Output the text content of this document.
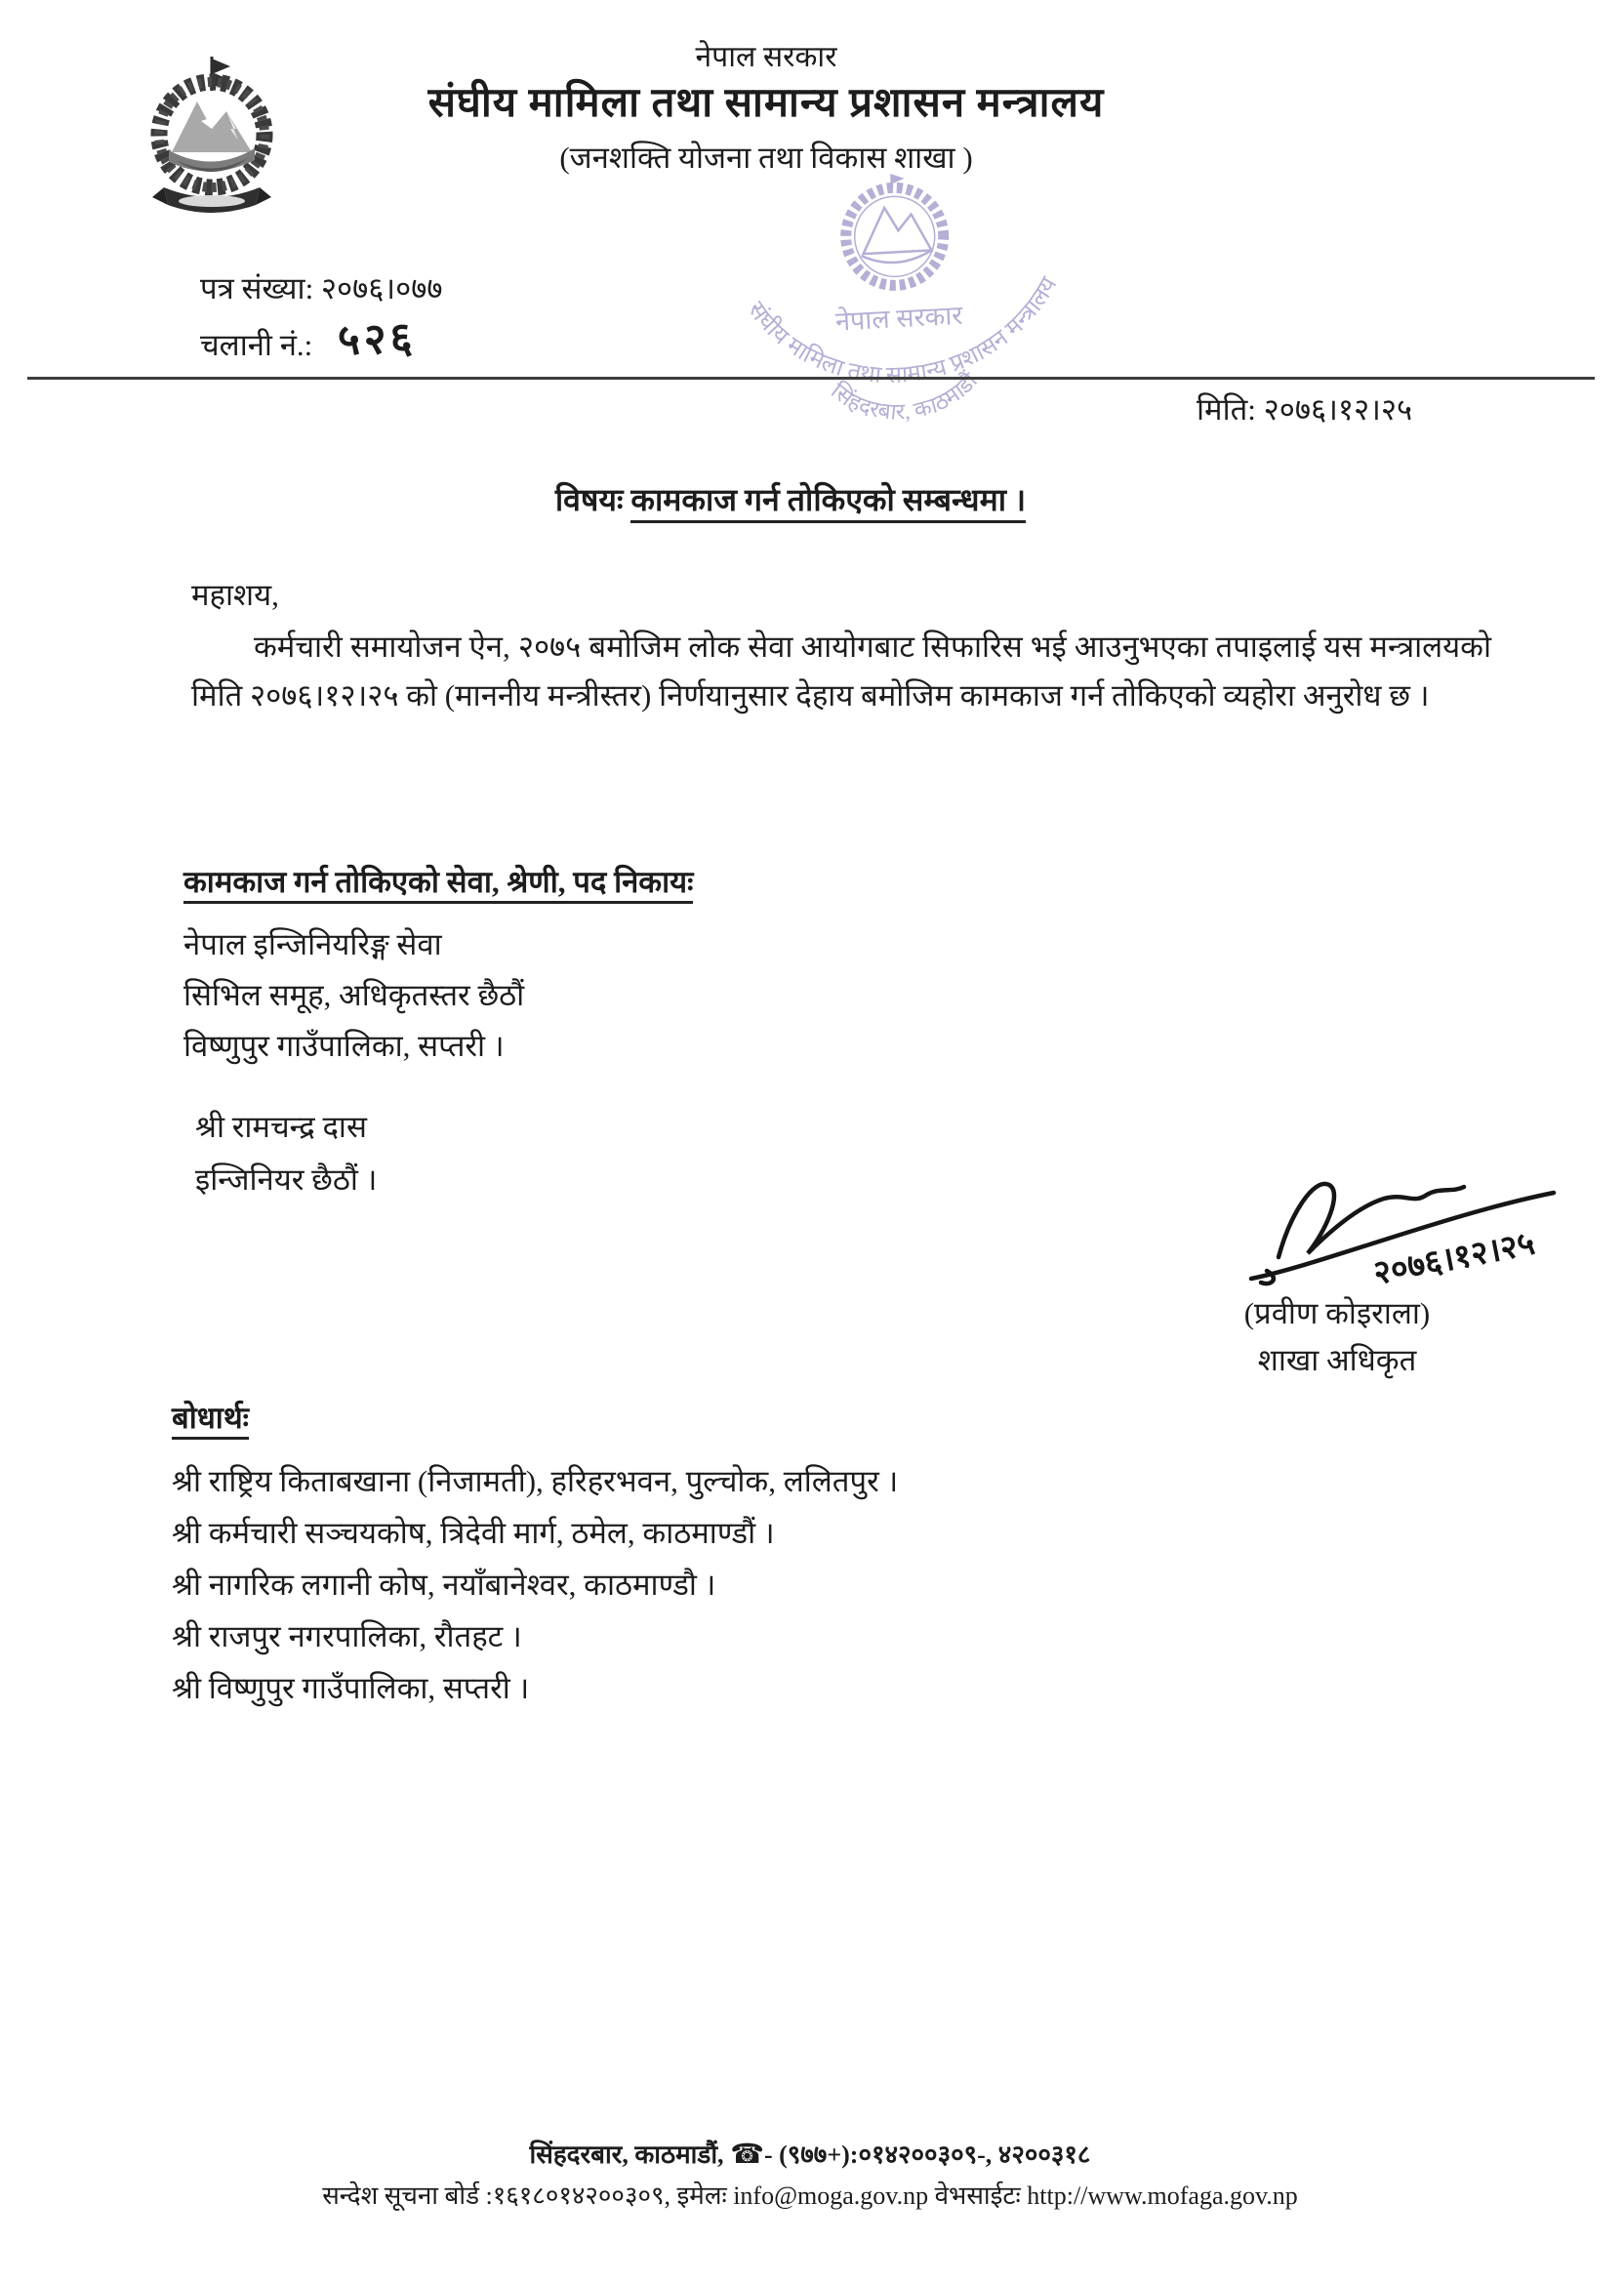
नेपाल सरकार
संघीय मामिला तथा सामान्य प्रशासन मन्त्रालय
(जनशक्ति योजना तथा विकास शाखा )
नेपाल सरकार
संघीय मामिला तथा सामान्य प्रशासन मन्त्रालय
सिंहदरबार, काठमाडौं
पत्र संख्या: २०७६।०७७
चलानी नं.: ५२६
मिति: २०७६।१२।२५
विषयः कामकाज गर्न तोकिएको सम्बन्धमा ।
महाशय,
कर्मचारी समायोजन ऐन, २०७५ बमोजिम लोक सेवा आयोगबाट सिफारिस भई आउनुभएका तपाइलाई यस मन्त्रालयको मिति २०७६।१२।२५ को (माननीय मन्त्रीस्तर) निर्णयानुसार देहाय बमोजिम कामकाज गर्न तोकिएको व्यहोरा अनुरोध छ ।
कामकाज गर्न तोकिएको सेवा, श्रेणी, पद निकायः
नेपाल इन्जिनियरिङ्ग सेवा
सिभिल समूह, अधिकृतस्तर छैठौं
विष्णुपुर गाउँपालिका, सप्तरी ।
श्री रामचन्द्र दास
इन्जिनियर छैठौं ।
२०७६।१२।२५
(प्रवीण कोइराला)
शाखा अधिकृत
बोधार्थः
श्री राष्ट्रिय किताबखाना (निजामती), हरिहरभवन, पुल्चोक, ललितपुर ।
श्री कर्मचारी सञ्चयकोष, त्रिदेवी मार्ग, ठमेल, काठमाण्डौं ।
श्री नागरिक लगानी कोष, नयाँबानेश्वर, काठमाण्डौ ।
श्री राजपुर नगरपालिका, रौतहट ।
श्री विष्णुपुर गाउँपालिका, सप्तरी ।
सिंहदरबार, काठमाडौं, ☎- (९७७+):०१४२००३०९-, ४२००३१८
सन्देश सूचना बोर्ड :१६१८०१४२००३०९, इमेलः info@moga.gov.np वेभसाईटः http://www.mofaga.gov.np
